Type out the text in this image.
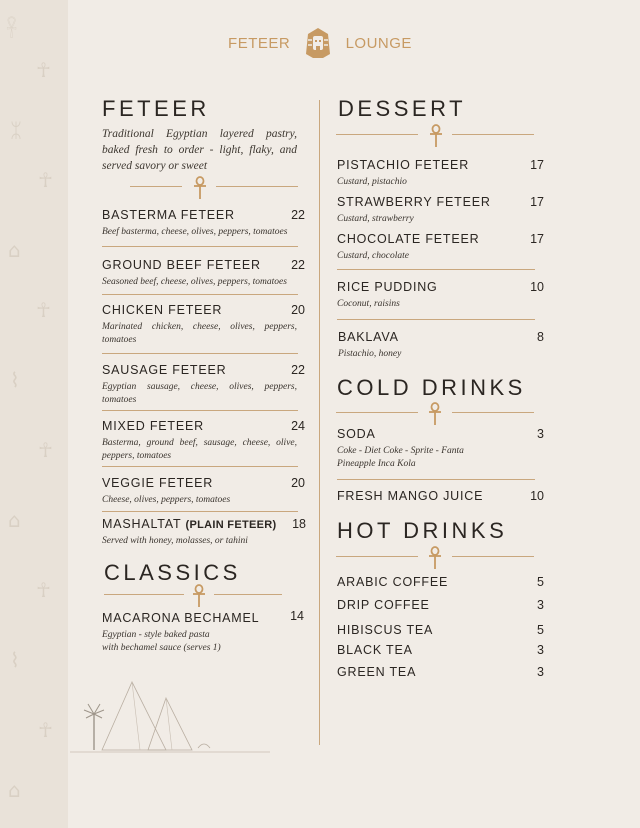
𓋹
☥
ᛯ
☥
⌂
☥
⌇
☥
⌂
☥
⌇
☥
⌂
FETEER	LOUNGE
FETEER
Traditional Egyptian layered pastry, baked fresh to order - light, flaky, and served savory or sweet
BASTERMA FETEER	22
Beef basterma, cheese, olives, peppers, tomatoes
GROUND BEEF FETEER	22
Seasoned beef, cheese, olives, peppers, tomatoes
CHICKEN FETEER	20
Marinated chicken, cheese, olives, peppers, tomatoes
SAUSAGE FETEER	22
Egyptian sausage, cheese, olives, peppers, tomatoes
MIXED FETEER	24
Basterma, ground beef, sausage, cheese, olive, peppers, tomatoes
VEGGIE FETEER	20
Cheese, olives, peppers, tomatoes
MASHALTAT (PLAIN FETEER)	18
Served with honey, molasses, or tahini
CLASSICS
MACARONA BECHAMEL	14
Egyptian - style baked pasta
with bechamel sauce (serves 1)
DESSERT
PISTACHIO FETEER	17
Custard, pistachio
STRAWBERRY FETEER	17
Custard, strawberry
CHOCOLATE FETEER	17
Custard, chocolate
RICE PUDDING	10
Coconut, raisins
BAKLAVA	8
Pistachio, honey
COLD DRINKS
SODA	3
Coke - Diet Coke - Sprite - Fanta
Pineapple Inca Kola
FRESH MANGO JUICE	10
HOT DRINKS
ARABIC COFFEE	5
DRIP COFFEE	3
HIBISCUS TEA	5
BLACK TEA	3
GREEN TEA	3
